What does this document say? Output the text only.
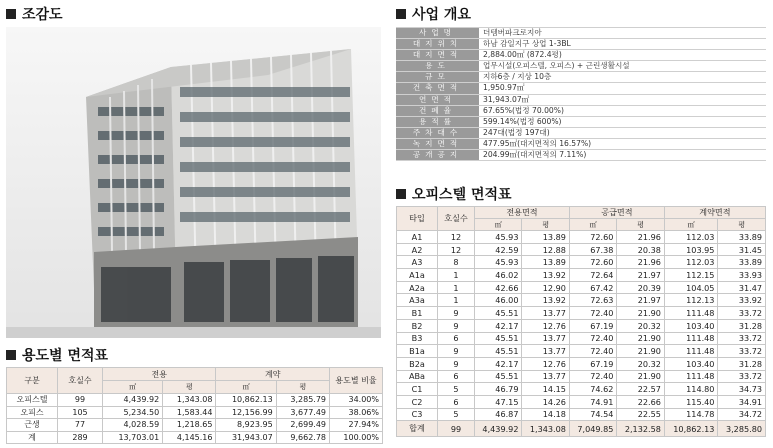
조감도	사업 개요
오피스텔 면적표
용도별 면적표
사업명	더템버파크로지아
대지위치	하남 감일지구 상업 1-3BL
대지면적	2,884.00㎡ (872.4평)
용도	업무시설(오피스텔, 오피스) + 근린생활시설
규모	지하6층 / 지상 10층
건축면적	1,950.97㎡
연면적	31,943.07㎡
건폐율	67.65%(법정 70.00%)
용적률	599.14%(법정 600%)
주차대수	247대(법정 197대)
녹지면적	477.95㎡(대지면적의 16.57%)
공개공지	204.99㎡(대지면적의 7.11%)
타입	호실수	전용면적		공급면적		계약면적	
		㎡	평	㎡	평	㎡	평
A1	12	45.93	13.89	72.60	21.96	112.03	33.89
A2	12	42.59	12.88	67.38	20.38	103.95	31.45
A3	8	45.93	13.89	72.60	21.96	112.03	33.89
A1a	1	46.02	13.92	72.64	21.97	112.15	33.93
A2a	1	42.66	12.90	67.42	20.39	104.05	31.47
A3a	1	46.00	13.92	72.63	21.97	112.13	33.92
B1	9	45.51	13.77	72.40	21.90	111.48	33.72
B2	9	42.17	12.76	67.19	20.32	103.40	31.28
B3	6	45.51	13.77	72.40	21.90	111.48	33.72
B1a	9	45.51	13.77	72.40	21.90	111.48	33.72
B2a	9	42.17	12.76	67.19	20.32	103.40	31.28
ABa	6	45.51	13.77	72.40	21.90	111.48	33.72
C1	5	46.79	14.15	74.62	22.57	114.80	34.73
C2	6	47.15	14.26	74.91	22.66	115.40	34.91
C3	5	46.87	14.18	74.54	22.55	114.78	34.72
합계	99	4,439.92	1,343.08	7,049.85	2,132.58	10,862.13	3,285.80
구분	호실수	전용		계약		용도별 비율
		㎡	평	㎡	평	
오피스텔	99	4,439.92	1,343.08	10,862.13	3,285.79	34.00%
오피스	105	5,234.50	1,583.44	12,156.99	3,677.49	38.06%
근생	77	4,028.59	1,218.65	8,923.95	2,699.49	27.94%
계	289	13,703.01	4,145.16	31,943.07	9,662.78	100.00%
